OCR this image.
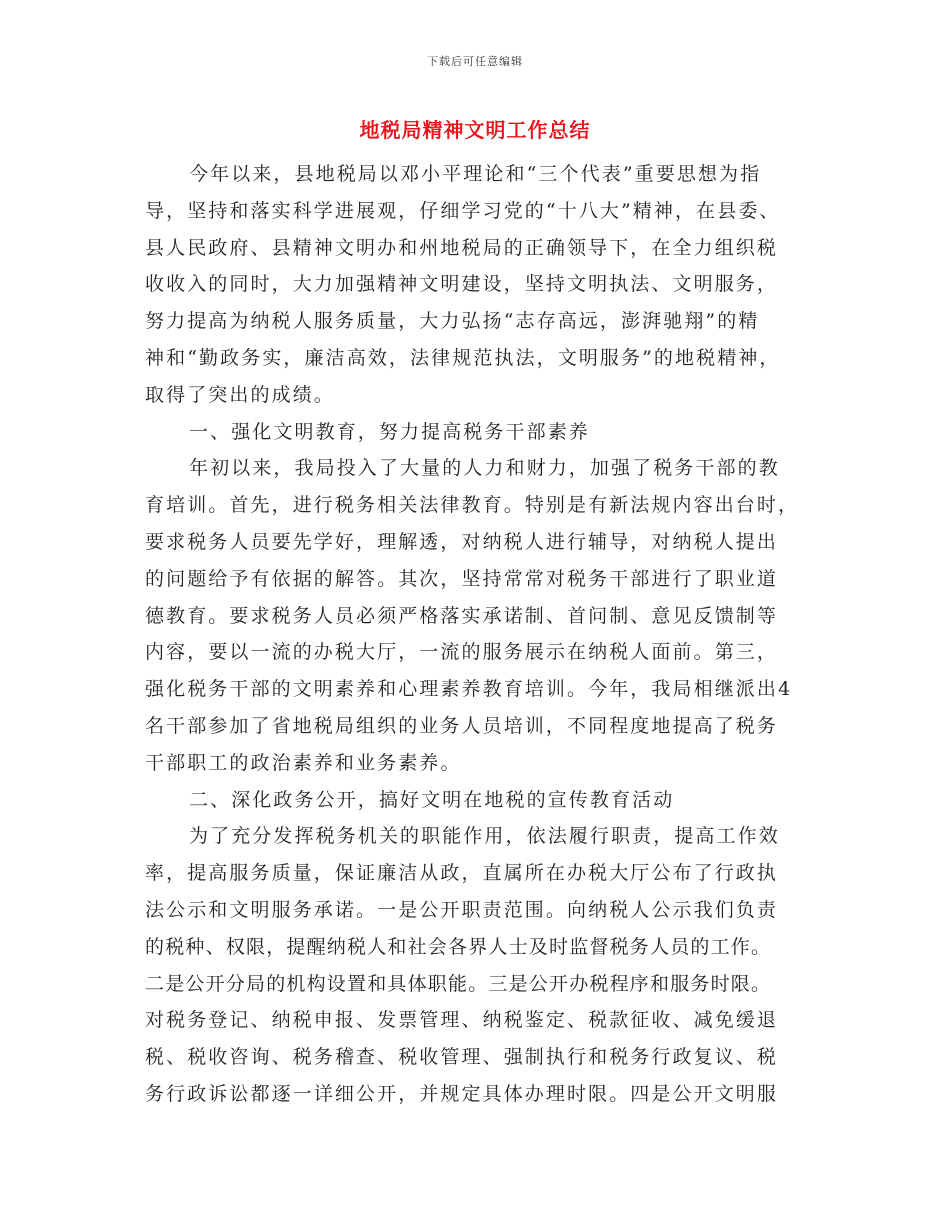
下载后可任意编辑
地税局精神文明工作总结
今年以来，县地税局以邓小平理论和“三个代表”重要思想为指
导，坚持和落实科学进展观，仔细学习党的“十八大”精神，在县委、
县人民政府、县精神文明办和州地税局的正确领导下，在全力组织税
收收入的同时，大力加强精神文明建设，坚持文明执法、文明服务，
努力提高为纳税人服务质量，大力弘扬“志存高远，澎湃驰翔”的精
神和“勤政务实，廉洁高效，法律规范执法，文明服务”的地税精神，
取得了突出的成绩。
一、强化文明教育，努力提高税务干部素养
年初以来，我局投入了大量的人力和财力，加强了税务干部的教
育培训。首先，进行税务相关法律教育。特别是有新法规内容出台时，
要求税务人员要先学好，理解透，对纳税人进行辅导，对纳税人提出
的问题给予有依据的解答。其次，坚持常常对税务干部进行了职业道
德教育。要求税务人员必须严格落实承诺制、首问制、意见反馈制等
内容，要以一流的办税大厅，一流的服务展示在纳税人面前。第三，
强化税务干部的文明素养和心理素养教育培训。今年，我局相继派出4
名干部参加了省地税局组织的业务人员培训，不同程度地提高了税务
干部职工的政治素养和业务素养。
二、深化政务公开，搞好文明在地税的宣传教育活动
为了充分发挥税务机关的职能作用，依法履行职责，提高工作效
率，提高服务质量，保证廉洁从政，直属所在办税大厅公布了行政执
法公示和文明服务承诺。一是公开职责范围。向纳税人公示我们负责
的税种、权限，提醒纳税人和社会各界人士及时监督税务人员的工作。
二是公开分局的机构设置和具体职能。三是公开办税程序和服务时限。
对税务登记、纳税申报、发票管理、纳税鉴定、税款征收、减免缓退
税、税收咨询、税务稽查、税收管理、强制执行和税务行政复议、税
务行政诉讼都逐一详细公开，并规定具体办理时限。四是公开文明服
